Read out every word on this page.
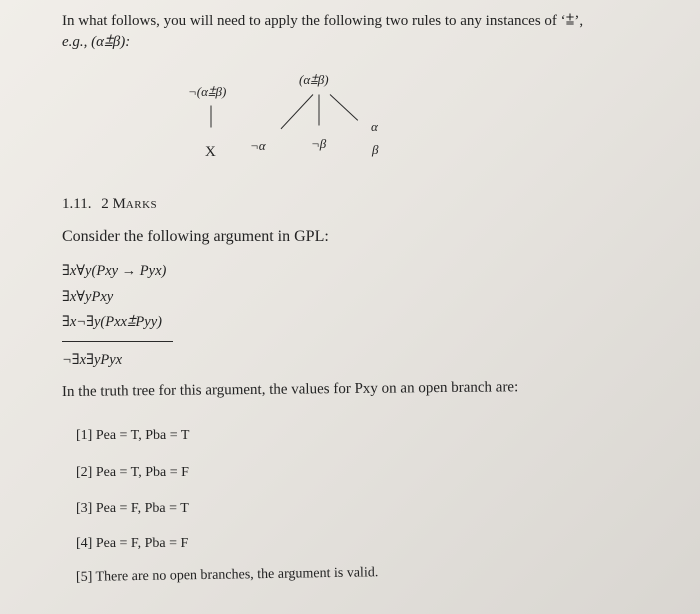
In what follows, you will need to apply the following two rules to any instances of ‘⩲’,
e.g., (α⩲β):
¬(α⩲β)
X
(α⩲β)
¬α	¬β
α
β
1.11. 2 MARKS
Consider the following argument in GPL:
∃x∀y(Pxy → Pyx)
∃x∀yPxy
∃x¬∃y(Pxx⩲Pyy)
¬∃x∃yPyx
In the truth tree for this argument, the values for Pxy on an open branch are:
[1] Pea = T, Pba = T
[2] Pea = T, Pba = F
[3] Pea = F, Pba = T
[4] Pea = F, Pba = F
[5] There are no open branches, the argument is valid.
